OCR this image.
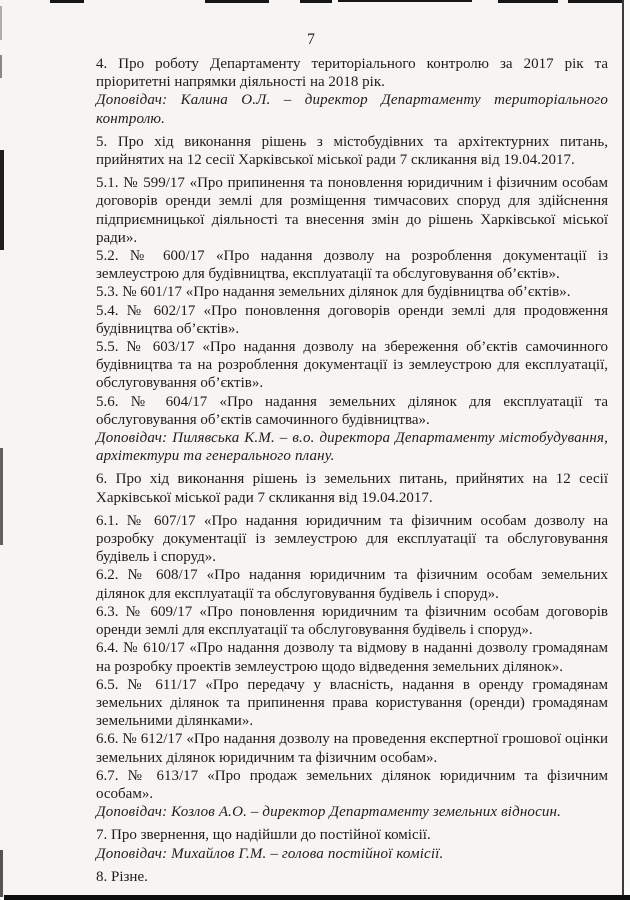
7

4. Про роботу Департаменту територіального контролю за 2017 рік та пріоритетні напрямки діяльності на 2018 рік.

Доповідач: Калина О.Л. – директор Департаменту територіального контролю.

5. Про хід виконання рішень з містобудівних та архітектурних питань, прийнятих на 12 сесії Харківської міської ради 7 скликання від 19.04.2017.

5.1. № 599/17 «Про припинення та поновлення юридичним і фізичним особам договорів оренди землі для розміщення тимчасових споруд для здійснення підприємницької діяльності та внесення змін до рішень Харківської міської ради».

5.2. № 600/17 «Про надання дозволу на розроблення документації із землеустрою для будівництва, експлуатації та обслуговування об’єктів».

5.3. № 601/17 «Про надання земельних ділянок для будівництва об’єктів».

5.4. № 602/17 «Про поновлення договорів оренди землі для продовження будівництва об’єктів».

5.5. № 603/17 «Про надання дозволу на збереження об’єктів самочинного будівництва та на розроблення документації із землеустрою для експлуатації, обслуговування об’єктів».

5.6. № 604/17 «Про надання земельних ділянок для експлуатації та обслуговування об’єктів самочинного будівництва».

Доповідач: Пилявська К.М. – в.о. директора Департаменту містобудування, архітектури та генерального плану.

6. Про хід виконання рішень із земельних питань, прийнятих на 12 сесії Харківської міської ради 7 скликання від 19.04.2017.

6.1. № 607/17 «Про надання юридичним та фізичним особам дозволу на розробку документації із землеустрою для експлуатації та обслуговування будівель і споруд».

6.2. № 608/17 «Про надання юридичним та фізичним особам земельних ділянок для експлуатації та обслуговування будівель і споруд».

6.3. № 609/17 «Про поновлення юридичним та фізичним особам договорів оренди землі для експлуатації та обслуговування будівель і споруд».

6.4. № 610/17 «Про надання дозволу та відмову в наданні дозволу громадянам на розробку проектів землеустрою щодо відведення земельних ділянок».

6.5. № 611/17 «Про передачу у власність, надання в оренду громадянам земельних ділянок та припинення права користування (оренди) громадянам земельними ділянками».

6.6. № 612/17 «Про надання дозволу на проведення експертної грошової оцінки земельних ділянок юридичним та фізичним особам».

6.7. № 613/17 «Про продаж земельних ділянок юридичним та фізичним особам».

Доповідач: Козлов А.О. – директор Департаменту земельних відносин.

7. Про звернення, що надійшли до постійної комісії.

Доповідач: Михайлов Г.М. – голова постійної комісії.

8. Різне.
